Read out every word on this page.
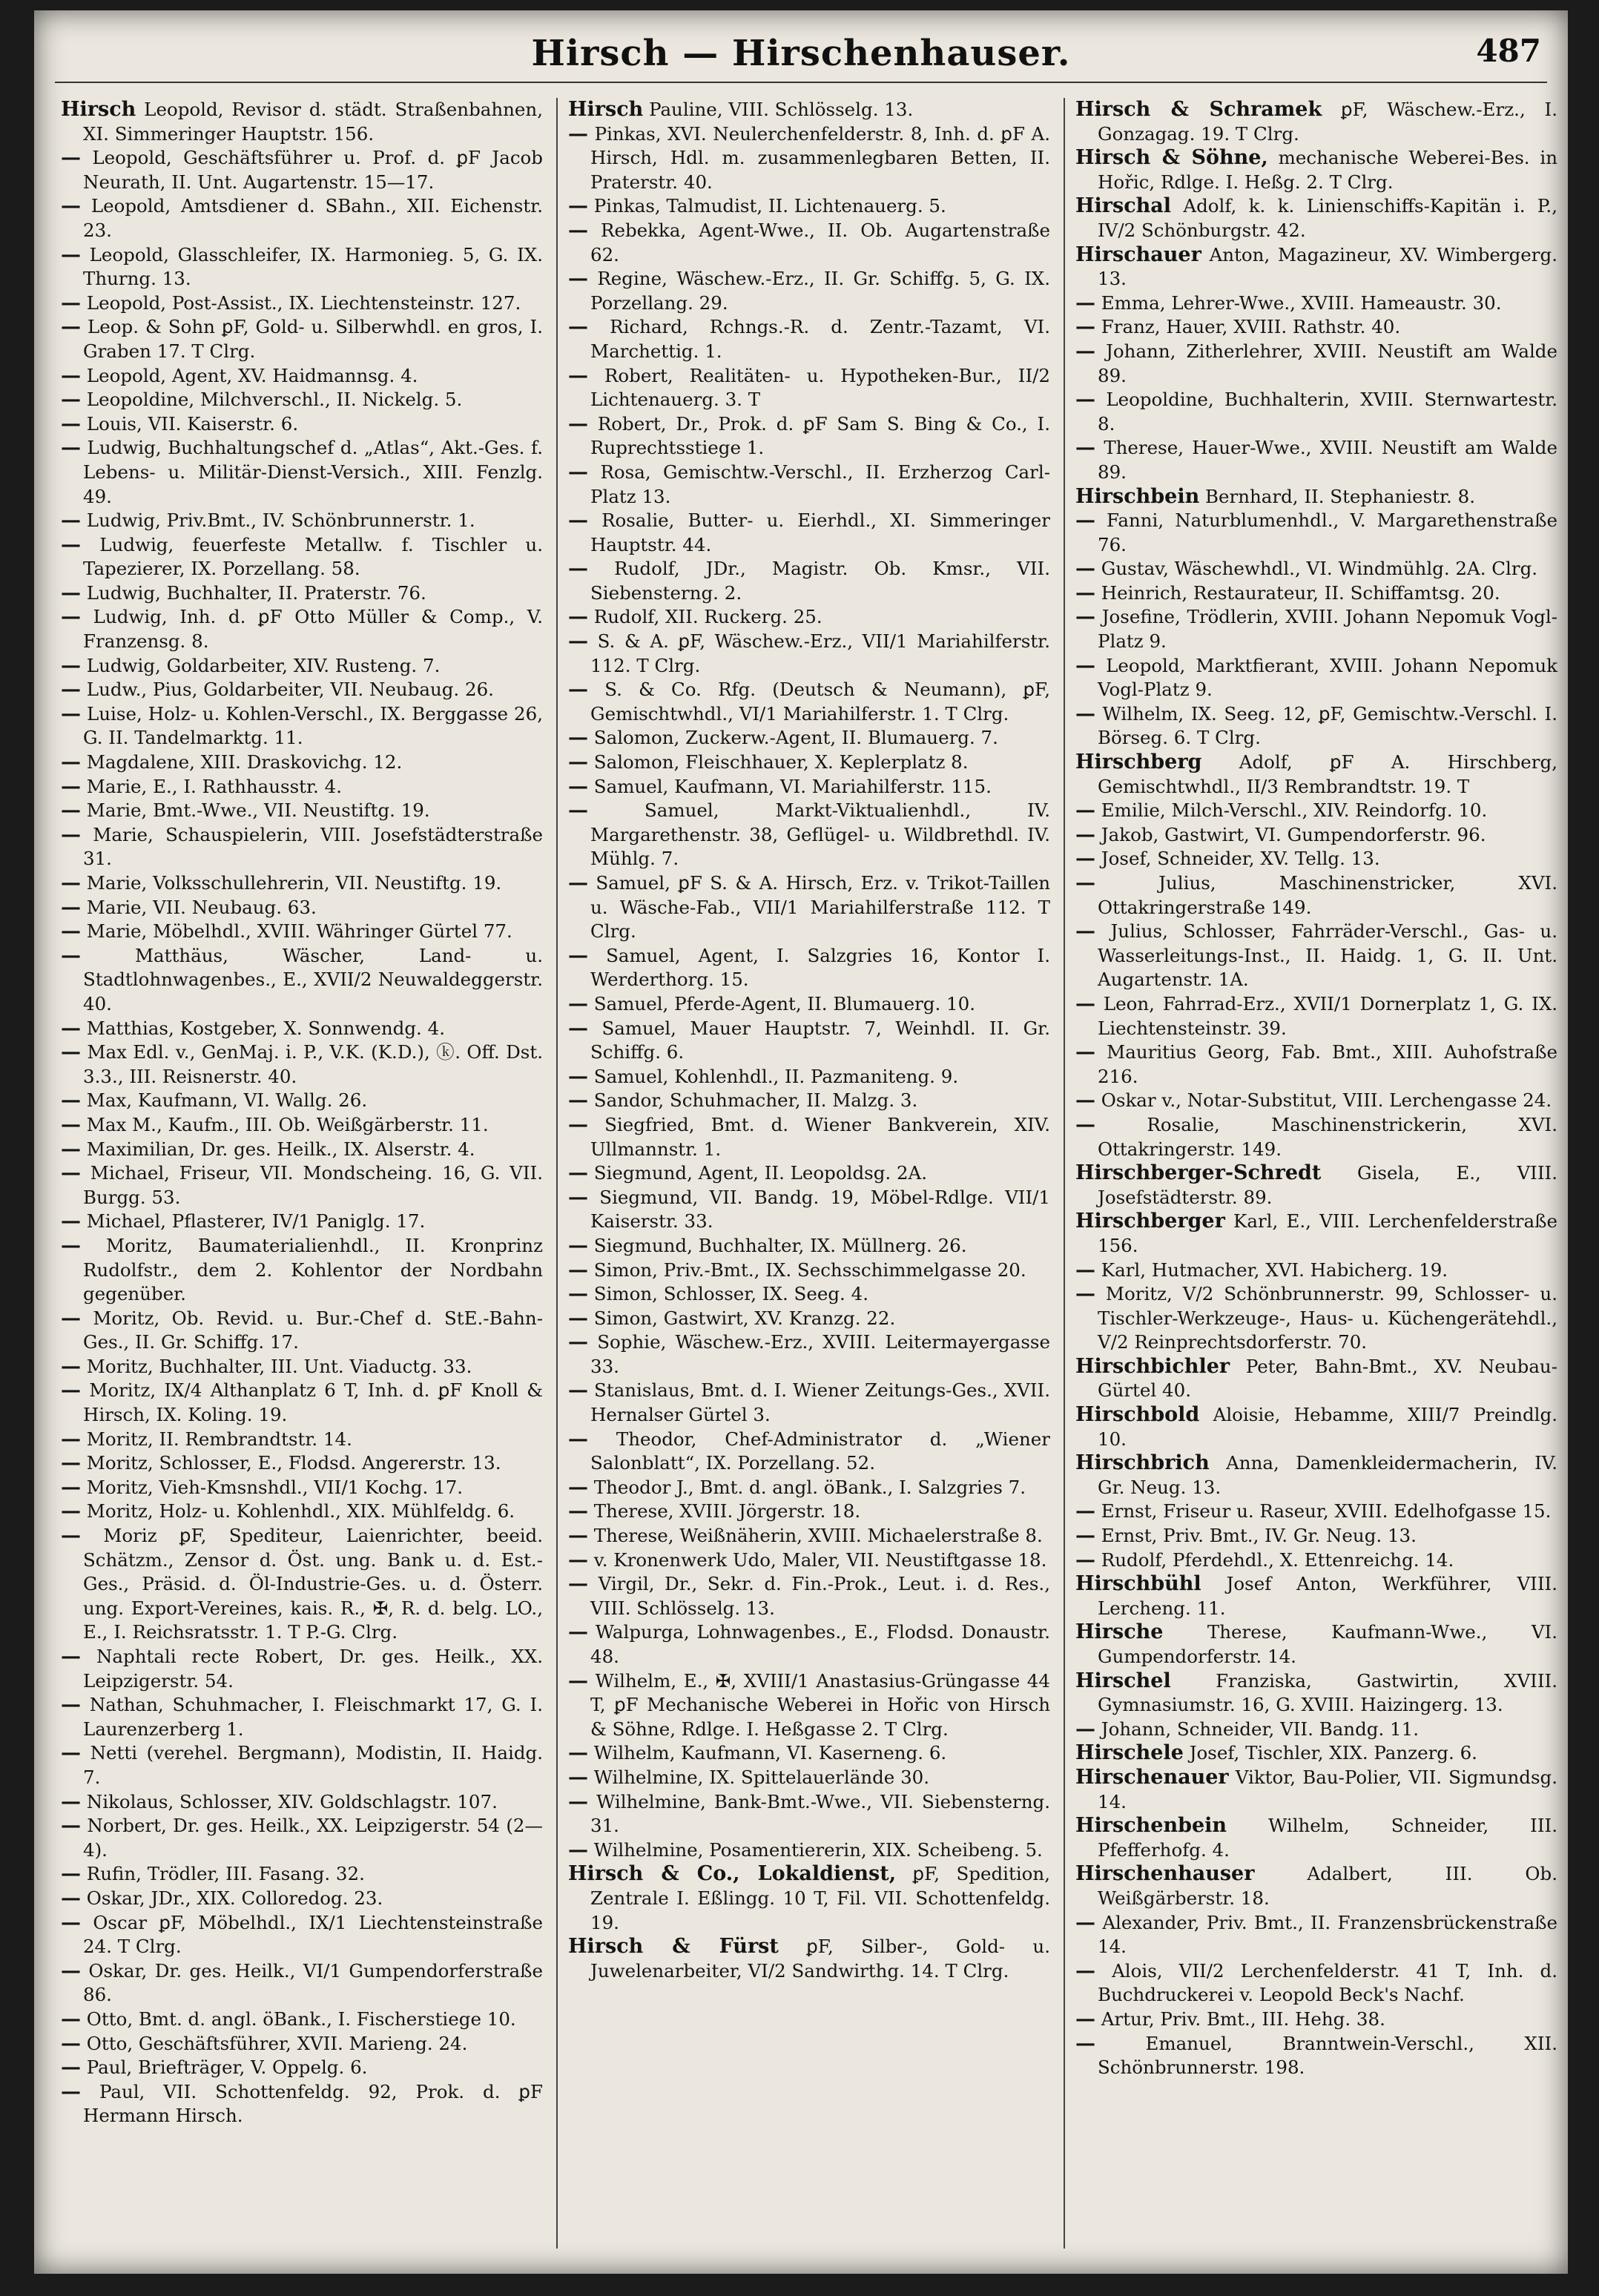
Hirsch — Hirschenhauser.	487
Hirsch Leopold, Revisor d. städt. Straßenbahnen, XI. Simmeringer Hauptstr. 156.
— Leopold, Geschäftsführer u. Prof. d. ꝑF Jacob Neurath, II. Unt. Augartenstr. 15—17.
— Leopold, Amtsdiener d. SBahn., XII. Eichenstr. 23.
— Leopold, Glasschleifer, IX. Harmonieg. 5, G. IX. Thurng. 13.
— Leopold, Post-Assist., IX. Liechtensteinstr. 127.
— Leop. & Sohn ꝑF, Gold- u. Silberwhdl. en gros, I. Graben 17. T Clrg.
— Leopold, Agent, XV. Haidmannsg. 4.
— Leopoldine, Milchverschl., II. Nickelg. 5.
— Louis, VII. Kaiserstr. 6.
— Ludwig, Buchhaltungschef d. „Atlas“, Akt.-Ges. f. Lebens- u. Militär-Dienst-Versich., XIII. Fenzlg. 49.
— Ludwig, Priv.Bmt., IV. Schönbrunnerstr. 1.
— Ludwig, feuerfeste Metallw. f. Tischler u. Tapezierer, IX. Porzellang. 58.
— Ludwig, Buchhalter, II. Praterstr. 76.
— Ludwig, Inh. d. ꝑF Otto Müller & Comp., V. Franzensg. 8.
— Ludwig, Goldarbeiter, XIV. Rusteng. 7.
— Ludw., Pius, Goldarbeiter, VII. Neubaug. 26.
— Luise, Holz- u. Kohlen-Verschl., IX. Berggasse 26, G. II. Tandelmarktg. 11.
— Magdalene, XIII. Draskovichg. 12.
— Marie, E., I. Rathhausstr. 4.
— Marie, Bmt.-Wwe., VII. Neustiftg. 19.
— Marie, Schauspielerin, VIII. Josefstädterstraße 31.
— Marie, Volksschullehrerin, VII. Neustiftg. 19.
— Marie, VII. Neubaug. 63.
— Marie, Möbelhdl., XVIII. Währinger Gürtel 77.
—	Matthäus, Wäscher, Land- u. Stadtlohnwagenbes., E., XVII/2 Neuwaldeggerstr. 40.
— Matthias, Kostgeber, X. Sonnwendg. 4.
— Max Edl. v., GenMaj. i. P., V.K. (K.D.), ⓚ. Off. Dst. 3.3., III. Reisnerstr. 40.
— Max, Kaufmann, VI. Wallg. 26.
— Max M., Kaufm., III. Ob. Weißgärberstr. 11.
— Maximilian, Dr. ges. Heilk., IX. Alserstr. 4.
— Michael, Friseur, VII. Mondscheing. 16, G. VII. Burgg. 53.
— Michael, Pflasterer, IV/1 Paniglg. 17.
— Moritz, Baumaterialienhdl., II. Kronprinz Rudolfstr., dem 2. Kohlentor der Nordbahn gegenüber.
— Moritz, Ob. Revid. u. Bur.-Chef d. StE.-Bahn-Ges., II. Gr. Schiffg. 17.
— Moritz, Buchhalter, III. Unt. Viaductg. 33.
— Moritz, IX/4 Althanplatz 6 T, Inh. d. ꝑF Knoll & Hirsch, IX. Koling. 19.
— Moritz, II. Rembrandtstr. 14.
— Moritz, Schlosser, E., Flodsd. Angererstr. 13.
— Moritz, Vieh-Kmsnshdl., VII/1 Kochg. 17.
— Moritz, Holz- u. Kohlenhdl., XIX. Mühlfeldg. 6.
— Moriz ꝑF, Spediteur, Laienrichter, beeid. Schätzm., Zensor d. Öst. ung. Bank u. d. Est.-Ges., Präsid. d. Öl-Industrie-Ges. u. d. Österr. ung. Export-Vereines, kais. R., ✠, R. d. belg. LO., E., I. Reichsratsstr. 1. T P.-G. Clrg.
— Naphtali recte Robert, Dr. ges. Heilk., XX. Leipzigerstr. 54.
— Nathan, Schuhmacher, I. Fleischmarkt 17, G. I. Laurenzerberg 1.
— Netti (verehel. Bergmann), Modistin, II. Haidg. 7.
— Nikolaus, Schlosser, XIV. Goldschlagstr. 107.
— Norbert, Dr. ges. Heilk., XX. Leipzigerstr. 54 (2—4).
— Rufin, Trödler, III. Fasang. 32.
— Oskar, JDr., XIX. Colloredog. 23.
— Oscar ꝑF, Möbelhdl., IX/1 Liechtensteinstraße 24. T Clrg.
— Oskar, Dr. ges. Heilk., VI/1 Gumpendorferstraße 86.
— Otto, Bmt. d. angl. öBank., I. Fischerstiege 10.
— Otto, Geschäftsführer, XVII. Marieng. 24.
— Paul, Briefträger, V. Oppelg. 6.
— Paul, VII. Schottenfeldg. 92, Prok. d. ꝑF Hermann Hirsch.
Hirsch Pauline, VIII. Schlösselg. 13.
— Pinkas, XVI. Neulerchenfelderstr. 8, Inh. d. ꝑF A. Hirsch, Hdl. m. zusammenlegbaren Betten, II. Praterstr. 40.
— Pinkas, Talmudist, II. Lichtenauerg. 5.
— Rebekka, Agent-Wwe., II. Ob. Augartenstraße 62.
— Regine, Wäschew.-Erz., II. Gr. Schiffg. 5, G. IX. Porzellang. 29.
— Richard, Rchngs.-R. d. Zentr.-Tazamt, VI. Marchettig. 1.
— Robert, Realitäten- u. Hypotheken-Bur., II/2 Lichtenauerg. 3. T
— Robert, Dr., Prok. d. ꝑF Sam S. Bing & Co., I. Ruprechtsstiege 1.
— Rosa, Gemischtw.-Verschl., II. Erzherzog Carl-Platz 13.
— Rosalie, Butter- u. Eierhdl., XI. Simmeringer Hauptstr. 44.
— Rudolf, JDr., Magistr. Ob. Kmsr., VII. Siebensterng. 2.
— Rudolf, XII. Ruckerg. 25.
— S. & A. ꝑF, Wäschew.-Erz., VII/1 Mariahilferstr. 112. T Clrg.
— S. & Co. Rfg. (Deutsch & Neumann), ꝑF, Gemischtwhdl., VI/1 Mariahilferstr. 1. T Clrg.
— Salomon, Zuckerw.-Agent, II. Blumauerg. 7.
— Salomon, Fleischhauer, X. Keplerplatz 8.
— Samuel, Kaufmann, VI. Mariahilferstr. 115.
—	Samuel, Markt-Viktualienhdl., IV. Margarethenstr. 38, Geflügel- u. Wildbrethdl. IV. Mühlg. 7.
— Samuel, ꝑF S. & A. Hirsch, Erz. v. Trikot-Taillen u. Wäsche-Fab., VII/1 Mariahilferstraße 112. T Clrg.
— Samuel, Agent, I. Salzgries 16, Kontor I. Werderthorg. 15.
— Samuel, Pferde-Agent, II. Blumauerg. 10.
— Samuel, Mauer Hauptstr. 7, Weinhdl. II. Gr. Schiffg. 6.
— Samuel, Kohlenhdl., II. Pazmaniteng. 9.
— Sandor, Schuhmacher, II. Malzg. 3.
— Siegfried, Bmt. d. Wiener Bankverein, XIV. Ullmannstr. 1.
— Siegmund, Agent, II. Leopoldsg. 2A.
— Siegmund, VII. Bandg. 19, Möbel-Rdlge. VII/1 Kaiserstr. 33.
— Siegmund, Buchhalter, IX. Müllnerg. 26.
— Simon, Priv.-Bmt., IX. Sechsschimmelgasse 20.
— Simon, Schlosser, IX. Seeg. 4.
— Simon, Gastwirt, XV. Kranzg. 22.
— Sophie, Wäschew.-Erz., XVIII. Leitermayergasse 33.
— Stanislaus, Bmt. d. I. Wiener Zeitungs-Ges., XVII. Hernalser Gürtel 3.
— Theodor, Chef-Administrator d. „Wiener Salonblatt“, IX. Porzellang. 52.
— Theodor J., Bmt. d. angl. öBank., I. Salzgries 7.
— Therese, XVIII. Jörgerstr. 18.
— Therese, Weißnäherin, XVIII. Michaelerstraße 8.
— v. Kronenwerk Udo, Maler, VII. Neustiftgasse 18.
— Virgil, Dr., Sekr. d. Fin.-Prok., Leut. i. d. Res., VIII. Schlösselg. 13.
— Walpurga, Lohnwagenbes., E., Flodsd. Donaustr. 48.
— Wilhelm, E., ✠, XVIII/1 Anastasius-Grüngasse 44 T, ꝑF Mechanische Weberei in Hořic von Hirsch & Söhne, Rdlge. I. Heßgasse 2. T Clrg.
— Wilhelm, Kaufmann, VI. Kaserneng. 6.
— Wilhelmine, IX. Spittelauerlände 30.
— Wilhelmine, Bank-Bmt.-Wwe., VII. Siebensterng. 31.
— Wilhelmine, Posamentiererin, XIX. Scheibeng. 5.
Hirsch & Co., Lokaldienst, ꝑF, Spedition, Zentrale I. Eßlingg. 10 T, Fil. VII. Schottenfeldg. 19.
Hirsch & Fürst ꝑF, Silber-, Gold- u. Juwelenarbeiter, VI/2 Sandwirthg. 14. T Clrg.
Hirsch & Schramek ꝑF, Wäschew.-Erz., I. Gonzagag. 19. T Clrg.
Hirsch & Söhne, mechanische Weberei-Bes. in Hořic, Rdlge. I. Heßg. 2. T Clrg.
Hirschal Adolf, k. k. Linienschiffs-Kapitän i. P., IV/2 Schönburgstr. 42.
Hirschauer Anton, Magazineur, XV. Wimbergerg. 13.
— Emma, Lehrer-Wwe., XVIII. Hameaustr. 30.
— Franz, Hauer, XVIII. Rathstr. 40.
— Johann, Zitherlehrer, XVIII. Neustift am Walde 89.
— Leopoldine, Buchhalterin, XVIII. Sternwartestr. 8.
— Therese, Hauer-Wwe., XVIII. Neustift am Walde 89.
Hirschbein Bernhard, II. Stephaniestr. 8.
— Fanni, Naturblumenhdl., V. Margarethenstraße 76.
— Gustav, Wäschewhdl., VI. Windmühlg. 2A. Clrg.
— Heinrich, Restaurateur, II. Schiffamtsg. 20.
— Josefine, Trödlerin, XVIII. Johann Nepomuk Vogl-Platz 9.
— Leopold, Marktfierant, XVIII. Johann Nepomuk Vogl-Platz 9.
— Wilhelm, IX. Seeg. 12, ꝑF, Gemischtw.-Verschl. I. Börseg. 6. T Clrg.
Hirschberg Adolf, ꝑF A. Hirschberg, Gemischtwhdl., II/3 Rembrandtstr. 19. T
— Emilie, Milch-Verschl., XIV. Reindorfg. 10.
— Jakob, Gastwirt, VI. Gumpendorferstr. 96.
— Josef, Schneider, XV. Tellg. 13.
—	Julius, Maschinenstricker, XVI. Ottakringerstraße 149.
— Julius, Schlosser, Fahrräder-Verschl., Gas- u. Wasserleitungs-Inst., II. Haidg. 1, G. II. Unt. Augartenstr. 1A.
— Leon, Fahrrad-Erz., XVII/1 Dornerplatz 1, G. IX. Liechtensteinstr. 39.
— Mauritius Georg, Fab. Bmt., XIII. Auhofstraße 216.
— Oskar v., Notar-Substitut, VIII. Lerchengasse 24.
—	Rosalie, Maschinenstrickerin, XVI. Ottakringerstr. 149.
Hirschberger-Schredt Gisela, E., VIII. Josefstädterstr. 89.
Hirschberger Karl, E., VIII. Lerchenfelderstraße 156.
— Karl, Hutmacher, XVI. Habicherg. 19.
— Moritz, V/2 Schönbrunnerstr. 99, Schlosser- u. Tischler-Werkzeuge-, Haus- u. Küchengerätehdl., V/2 Reinprechtsdorferstr. 70.
Hirschbichler Peter, Bahn-Bmt., XV. Neubau-Gürtel 40.
Hirschbold Aloisie, Hebamme, XIII/7 Preindlg. 10.
Hirschbrich Anna, Damenkleidermacherin, IV. Gr. Neug. 13.
— Ernst, Friseur u. Raseur, XVIII. Edelhofgasse 15.
— Ernst, Priv. Bmt., IV. Gr. Neug. 13.
— Rudolf, Pferdehdl., X. Ettenreichg. 14.
Hirschbühl Josef Anton, Werkführer, VIII. Lercheng. 11.
Hirsche Therese, Kaufmann-Wwe., VI. Gumpendorferstr. 14.
Hirschel Franziska, Gastwirtin, XVIII. Gymnasiumstr. 16, G. XVIII. Haizingerg. 13.
— Johann, Schneider, VII. Bandg. 11.
Hirschele Josef, Tischler, XIX. Panzerg. 6.
Hirschenauer Viktor, Bau-Polier, VII. Sigmundsg. 14.
Hirschenbein Wilhelm, Schneider, III. Pfefferhofg. 4.
Hirschenhauser	Adalbert, III. Ob. Weißgärberstr. 18.
— Alexander, Priv. Bmt., II. Franzensbrückenstraße 14.
— Alois, VII/2 Lerchenfelderstr. 41 T, Inh. d. Buchdruckerei v. Leopold Beck's Nachf.
— Artur, Priv. Bmt., III. Hehg. 38.
—	Emanuel, Branntwein-Verschl., XII. Schönbrunnerstr. 198.
